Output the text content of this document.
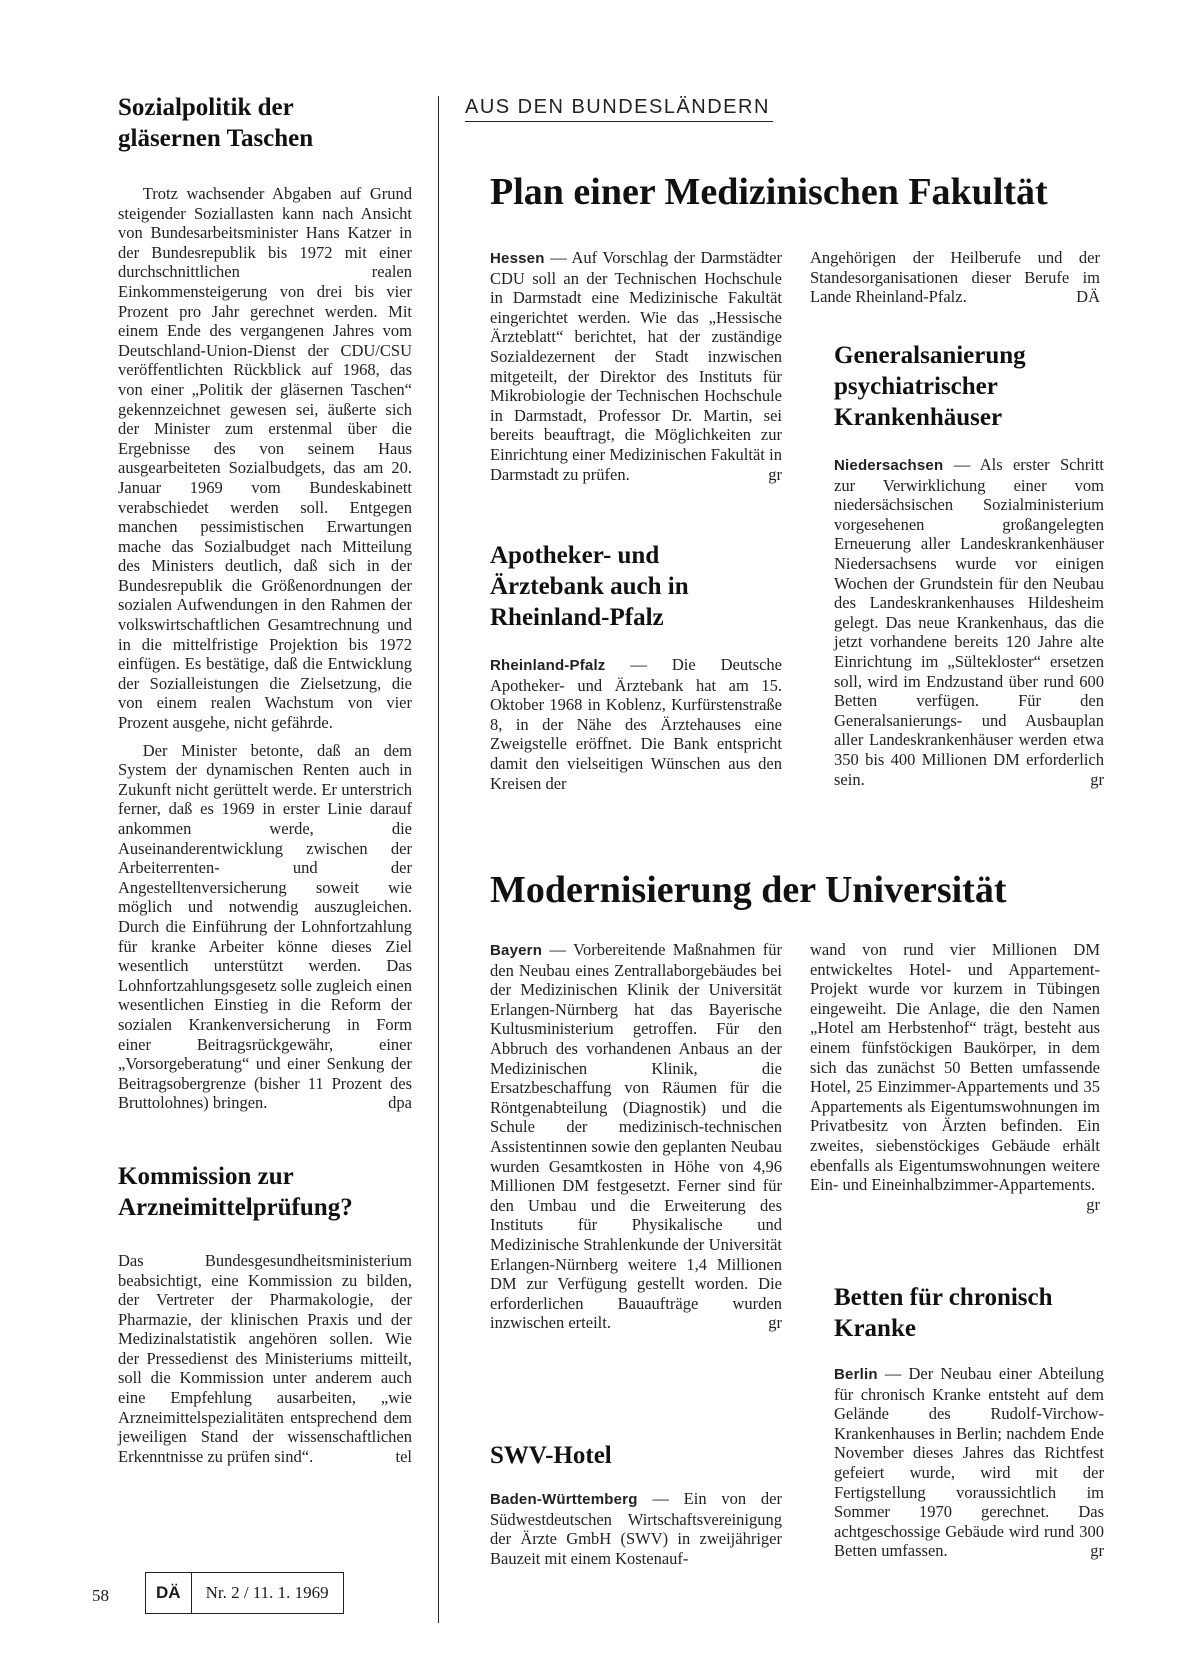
Sozialpolitik der gläsernen Taschen

Trotz wachsender Abgaben auf Grund steigender Soziallasten kann nach Ansicht von Bundesarbeitsminister Hans Katzer in der Bundesrepublik bis 1972 mit einer durchschnittlichen realen Einkommensteigerung von drei bis vier Prozent pro Jahr gerechnet werden. Mit einem Ende des vergangenen Jahres vom Deutschland-Union-Dienst der CDU/CSU veröffentlichten Rückblick auf 1968, das von einer „Politik der gläsernen Taschen“ gekennzeichnet gewesen sei, äußerte sich der Minister zum erstenmal über die Ergebnisse des von seinem Haus ausgearbeiteten Sozialbudgets, das am 20. Januar 1969 vom Bundeskabinett verabschiedet werden soll. Entgegen manchen pessimistischen Erwartungen mache das Sozialbudget nach Mitteilung des Ministers deutlich, daß sich in der Bundesrepublik die Größenordnungen der sozialen Aufwendungen in den Rahmen der volkswirtschaftlichen Gesamtrechnung und in die mittelfristige Projektion bis 1972 einfügen. Es bestätige, daß die Entwicklung der Sozialleistungen die Zielsetzung, die von einem realen Wachstum von vier Prozent ausgehe, nicht gefährde.

Der Minister betonte, daß an dem System der dynamischen Renten auch in Zukunft nicht gerüttelt werde. Er unterstrich ferner, daß es 1969 in erster Linie darauf ankommen werde, die Auseinanderentwicklung zwischen der Arbeiterrenten- und der Angestelltenversicherung soweit wie möglich und notwendig auszugleichen. Durch die Einführung der Lohnfortzahlung für kranke Arbeiter könne dieses Ziel wesentlich unterstützt werden. Das Lohnfortzahlungsgesetz solle zugleich einen wesentlichen Einstieg in die Reform der sozialen Krankenversicherung in Form einer Beitragsrückgewähr, einer „Vorsorgeberatung“ und einer Senkung der Beitragsobergrenze (bisher 11 Prozent des Bruttolohnes) bringen.	dpa

Kommission zur Arzneimittelprüfung?

Das Bundesgesundheitsministerium beabsichtigt, eine Kommission zu bilden, der Vertreter der Pharmakologie, der Pharmazie, der klinischen Praxis und der Medizinalstatistik angehören sollen. Wie der Pressedienst des Ministeriums mitteilt, soll die Kommission unter anderem auch eine Empfehlung ausarbeiten, „wie Arzneimittelspezialitäten entsprechend dem jeweiligen Stand der wissenschaftlichen Erkenntnisse zu prüfen sind“.	tel

AUS DEN BUNDESLÄNDERN
Plan einer Medizinischen Fakultät

Hessen — Auf Vorschlag der Darmstädter CDU soll an der Technischen Hochschule in Darmstadt eine Medizinische Fakultät eingerichtet werden. Wie das „Hessische Ärzteblatt“ berichtet, hat der zuständige Sozialdezernent der Stadt inzwischen mitgeteilt, der Direktor des Instituts für Mikrobiologie der Technischen Hochschule in Darmstadt, Professor Dr. Martin, sei bereits beauftragt, die Möglichkeiten zur Einrichtung einer Medizinischen Fakultät in Darmstadt zu prüfen.	gr

Apotheker- und Ärztebank auch in Rheinland-Pfalz

Rheinland-Pfalz — Die Deutsche Apotheker- und Ärztebank hat am 15. Oktober 1968 in Koblenz, Kurfürstenstraße 8, in der Nähe des Ärztehauses eine Zweigstelle eröffnet. Die Bank entspricht damit den vielseitigen Wünschen aus den Kreisen der

Angehörigen der Heilberufe und der Standesorganisationen dieser Berufe im Lande Rheinland-Pfalz.	DÄ

Generalsanierung psychiatrischer Krankenhäuser

Niedersachsen — Als erster Schritt zur Verwirklichung einer vom niedersächsischen Sozialministerium vorgesehenen großangelegten Erneuerung aller Landeskrankenhäuser Niedersachsens wurde vor einigen Wochen der Grundstein für den Neubau des Landeskrankenhauses Hildesheim gelegt. Das neue Krankenhaus, das die jetzt vorhandene bereits 120 Jahre alte Einrichtung im „Sültekloster“ ersetzen soll, wird im Endzustand über rund 600 Betten verfügen. Für den Generalsanierungs- und Ausbauplan aller Landeskrankenhäuser werden etwa 350 bis 400 Millionen DM erforderlich sein.	gr

Modernisierung der Universität

Bayern — Vorbereitende Maßnahmen für den Neubau eines Zentrallaborgebäudes bei der Medizinischen Klinik der Universität Erlangen-Nürnberg hat das Bayerische Kultusministerium getroffen. Für den Abbruch des vorhandenen Anbaus an der Medizinischen Klinik, die Ersatzbeschaffung von Räumen für die Röntgenabteilung (Diagnostik) und die Schule der medizinisch-technischen Assistentinnen sowie den geplanten Neubau wurden Gesamtkosten in Höhe von 4,96 Millionen DM festgesetzt. Ferner sind für den Umbau und die Erweiterung des Instituts für Physikalische und Medizinische Strahlenkunde der Universität Erlangen-Nürnberg weitere 1,4 Millionen DM zur Verfügung gestellt worden. Die erforderlichen Bauaufträge wurden inzwischen erteilt.	gr

SWV-Hotel

Baden-Württemberg — Ein von der Südwestdeutschen Wirtschaftsvereinigung der Ärzte GmbH (SWV) in zweijähriger Bauzeit mit einem Kostenauf-

wand von rund vier Millionen DM entwickeltes Hotel- und Appartement-Projekt wurde vor kurzem in Tübingen eingeweiht. Die Anlage, die den Namen „Hotel am Herbstenhof“ trägt, besteht aus einem fünfstöckigen Baukörper, in dem sich das zunächst 50 Betten umfassende Hotel, 25 Einzimmer-Appartements und 35 Appartements als Eigentumswohnungen im Privatbesitz von Ärzten befinden. Ein zweites, siebenstöckiges Gebäude erhält ebenfalls als Eigentumswohnungen weitere Ein- und Eineinhalbzimmer-Appartements.
gr

Betten für chronisch Kranke

Berlin — Der Neubau einer Abteilung für chronisch Kranke entsteht auf dem Gelände des Rudolf-Virchow-Krankenhauses in Berlin; nachdem Ende November dieses Jahres das Richtfest gefeiert wurde, wird mit der Fertigstellung voraussichtlich im Sommer 1970 gerechnet. Das achtgeschossige Gebäude wird rund 300 Betten umfassen.	gr

58	DÄ	Nr. 2 / 11. 1. 1969
